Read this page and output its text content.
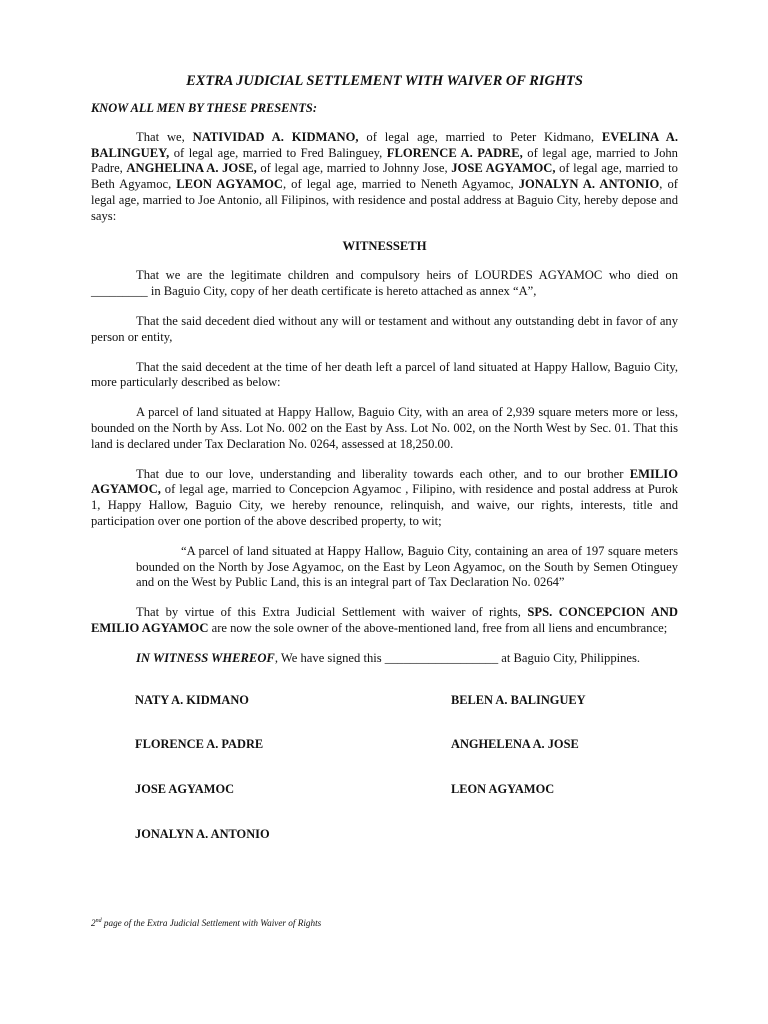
EXTRA JUDICIAL SETTLEMENT WITH WAIVER OF RIGHTS
KNOW ALL MEN BY THESE PRESENTS:

That we, NATIVIDAD A. KIDMANO, of legal age, married to Peter Kidmano, EVELINA A. BALINGUEY, of legal age, married to Fred Balinguey, FLORENCE A. PADRE, of legal age, married to John Padre, ANGHELINA A. JOSE, of legal age, married to Johnny Jose, JOSE AGYAMOC, of legal age, married to Beth Agyamoc, LEON AGYAMOC, of legal age, married to Neneth Agyamoc, JONALYN A. ANTONIO, of legal age, married to Joe Antonio, all Filipinos, with residence and postal address at Baguio City, hereby depose and says:

WITNESSETH

That we are the legitimate children and compulsory heirs of LOURDES AGYAMOC who died on _________ in Baguio City, copy of her death certificate is hereto attached as annex “A”,

That the said decedent died without any will or testament and without any outstanding debt in favor of any person or entity,

That the said decedent at the time of her death left a parcel of land situated at Happy Hallow, Baguio City, more particularly described as below:

A parcel of land situated at Happy Hallow, Baguio City, with an area of 2,939 square meters more or less, bounded on the North by Ass. Lot No. 002 on the East by Ass. Lot No. 002, on the North West by Sec. 01. That this land is declared under Tax Declaration No. 0264, assessed at 18,250.00.

That due to our love, understanding and liberality towards each other, and to our brother EMILIO AGYAMOC, of legal age, married to Concepcion Agyamoc , Filipino, with residence and postal address at Purok 1, Happy Hallow, Baguio City, we hereby renounce, relinquish, and waive, our rights, interests, title and participation over one portion of the above described property, to wit;

“A parcel of land situated at Happy Hallow, Baguio City, containing an area of 197 square meters bounded on the North by Jose Agyamoc, on the East by Leon Agyamoc, on the South by Semen Otinguey and on the West by Public Land, this is an integral part of Tax Declaration No. 0264”

That by virtue of this Extra Judicial Settlement with waiver of rights, SPS. CONCEPCION AND EMILIO AGYAMOC are now the sole owner of the above-mentioned land, free from all liens and encumbrance;

IN WITNESS WHEREOF, We have signed this __________________ at Baguio City, Philippines.

NATY A. KIDMANO	BELEN A. BALINGUEY
FLORENCE A. PADRE	ANGHELENA A. JOSE
JOSE AGYAMOC	LEON AGYAMOC
JONALYN A. ANTONIO
2nd page of the Extra Judicial Settlement with Waiver of Rights
